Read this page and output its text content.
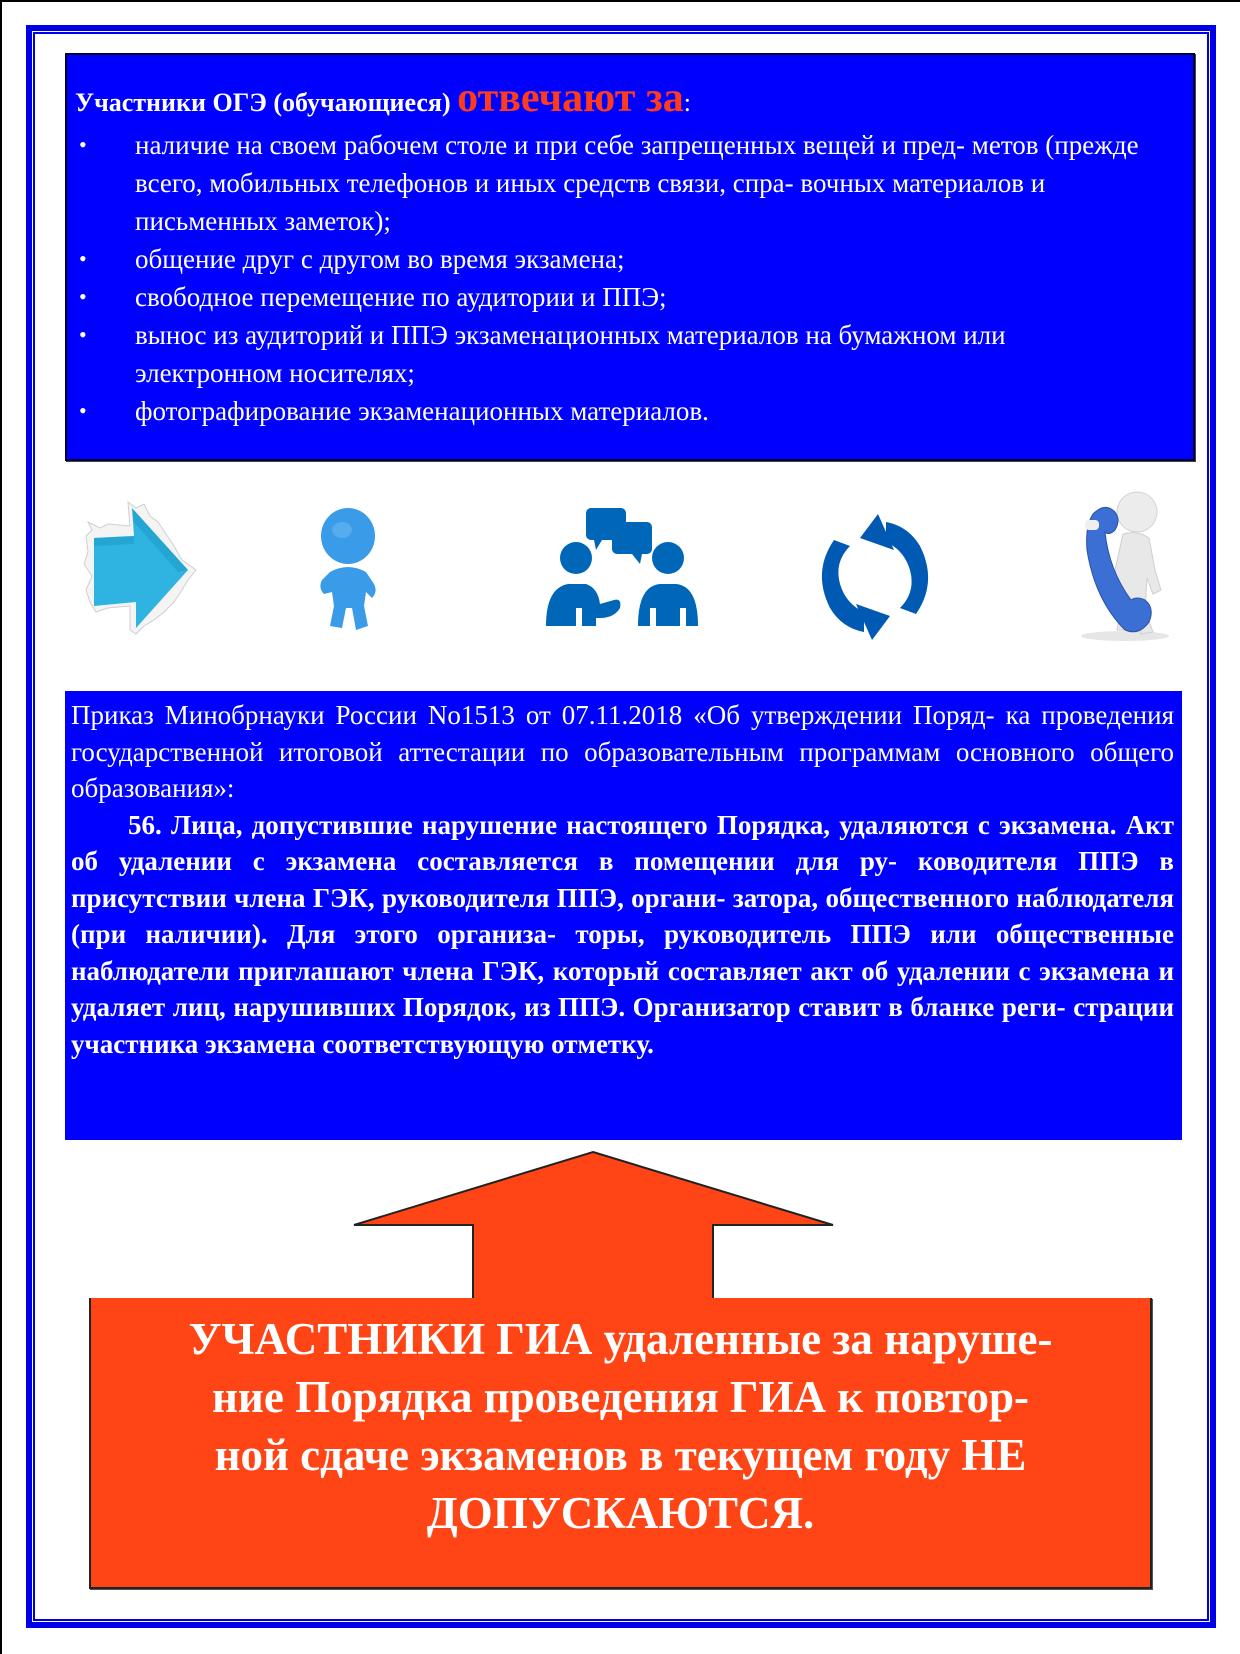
Участники ОГЭ (обучающиеся) отвечают за:
• наличие на своем рабочем столе и при себе запрещенных вещей и пред- метов (прежде всего, мобильных телефонов и иных средств связи, спра- вочных материалов и письменных заметок);
• общение друг с другом во время экзамена;
• свободное перемещение по аудитории и ППЭ;
• вынос из аудиторий и ППЭ экзаменационных материалов на бумажном или электронном носителях;
• фотографирование экзаменационных материалов.

Приказ Минобрнауки России No1513 от 07.11.2018 «Об утверждении Поряд- ка проведения государственной итоговой аттестации по образовательным программам основного общего образования»:

56. Лица, допустившие нарушение настоящего Порядка, удаляются с экзамена. Акт об удалении с экзамена составляется в помещении для ру- ководителя ППЭ в присутствии члена ГЭК, руководителя ППЭ, органи- затора, общественного наблюдателя (при наличии). Для этого организа- торы, руководитель ППЭ или общественные наблюдатели приглашают члена ГЭК, который составляет акт об удалении с экзамена и удаляет лиц, нарушивших Порядок, из ППЭ. Организатор ставит в бланке реги- страции участника экзамена соответствующую отметку.

УЧАСТНИКИ ГИА удаленные за наруше-
ние Порядка проведения ГИА к повтор-
ной сдаче экзаменов в текущем году НЕ
ДОПУСКАЮТСЯ.
